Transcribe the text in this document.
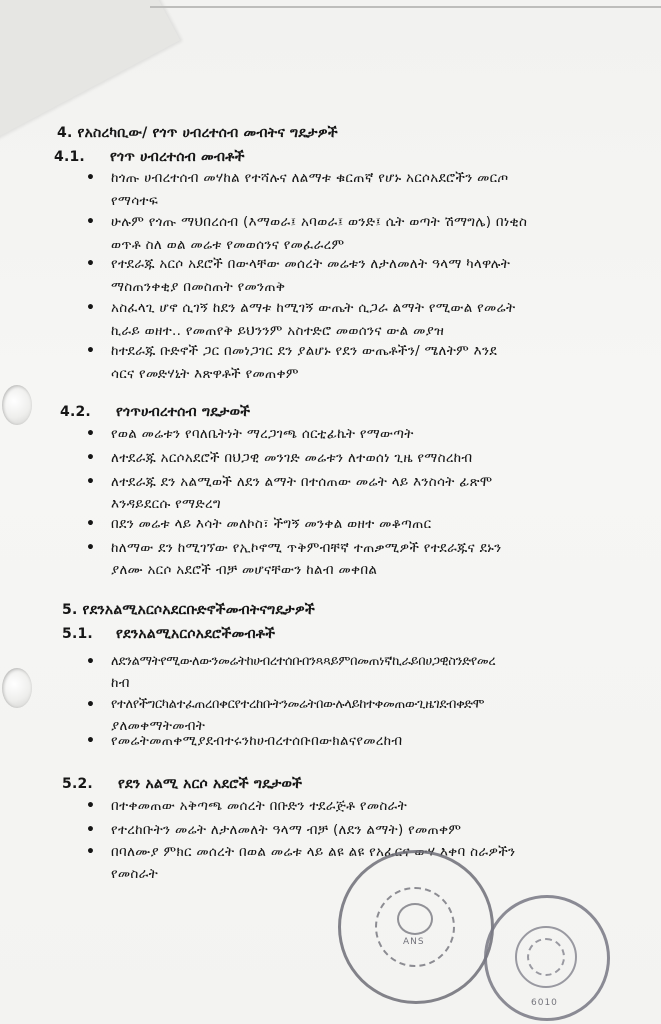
4. የአስረካቢው/ የጎጥ ሀብረተሰብ መብትና ግዴታዎች
4.1. የጎጥ ሀብረተሰብ መብቶች
• ከጎጡ ሀብረተሰብ መሃከል የተሻሉና ለልማቱ ቁርጠኛ የሆኑ አርሶአደሮችን መርጦ
የማሳተፍ
• ሁሉም የጎጡ ማህበረሰብ (እማወራ፤ አባወራ፤ ወንድ፤ ሴት ወጣት ሽማግሌ) በነቂስ
ወጥቶ ስለ ወል መሬቱ የመወሰንና የመፈራረም
• የተደራጁ አርሶ አደሮች በውላቸው መሰረት መሬቱን ለታለመለት ዓላማ ካላዋሉት
ማስጠንቀቂያ በመስጠት የመንጠቅ
• አስፈላጊ ሆኖ ሲገኝ ከደን ልማቱ ከሚገኝ ውጤት ሲጋራ ልማት የሚውል የመሬት
ኪራይ ወዘተ.. የመጠየቅ ይህንንም አስተድሮ መወሰንና ውል መያዝ
• ከተደራጁ ቡድኖች ጋር በመነጋገር ደን ያልሆኑ የደን ውጤቶችን/ ሜለትም እንደ
ሳርና የመድሃኒት እጽዋቶች የመጠቀም
4.2. የጎጥሀብረተሰብ ግዴታወች
• የወል መሬቱን የባለቤትነት ማረጋገጫ ሰርቲፊኬት የማውጣት
• ለተደራጁ አርሶአደሮች በህጋዊ መንገድ መሬቱን ለተወሰነ ጊዜ የማስረከብ
• ለተደራጁ ደን አልሚወች ለደን ልማት በተሰጠው መሬት ላይ እንስሳት ፊጽሞ
እንዳይደርሱ የማድረግ
• በደን መሬቱ ላይ እሳት መለኮስ፣ ችግኝ መንቀል ወዘተ መቆጣጠር
• ከለማው ደን ከሚገኘው የኢኮኖሚ ጥቅምብቸኛ ተጠቃሚዎች የተደራጁና ደኑን
ያለሙ አርሶ አደሮች ብቻ መሆናቸውን ከልብ መቀበል
5. የደንአልሚአርሶአደርቡድኖችመብትናግዴታዎች
5.1. የደንአልሚአርሶአደሮችመብቶች
• ለደንልማትየሚውለውንመሬትከሀብረተሰቡበንጻጻይምበመጠነኛኪራይበሀጋዊስንድየመረ
ከብ
• የተለየችግርካልተፈጠረበቀርየተረከቡትንመሬትበውሉላይከተቀመጠውጊዜገደብቀድሞ
ያለመቀማትመብት
• የመሬትመጠቀሚያደብተሩንከሀብረተሰቡበውክልናየመረከብ
5.2. የደን አልሚ አርሶ አደሮች ግዴታወች
• በተቀመጠው አቅጣጫ መሰረት በቡድን ተደራጅቶ የመስራት
• የተረከቡትን መሬት ለታለመለት ዓላማ ብቻ (ለደን ልማት) የመጠቀም
• በባለሙያ ምክር መሰረት በወል መሬቱ ላይ ልዩ ልዩ የአፈርና ውሃ እቀባ ስራዎችን
የመስራት
ANS
6010
